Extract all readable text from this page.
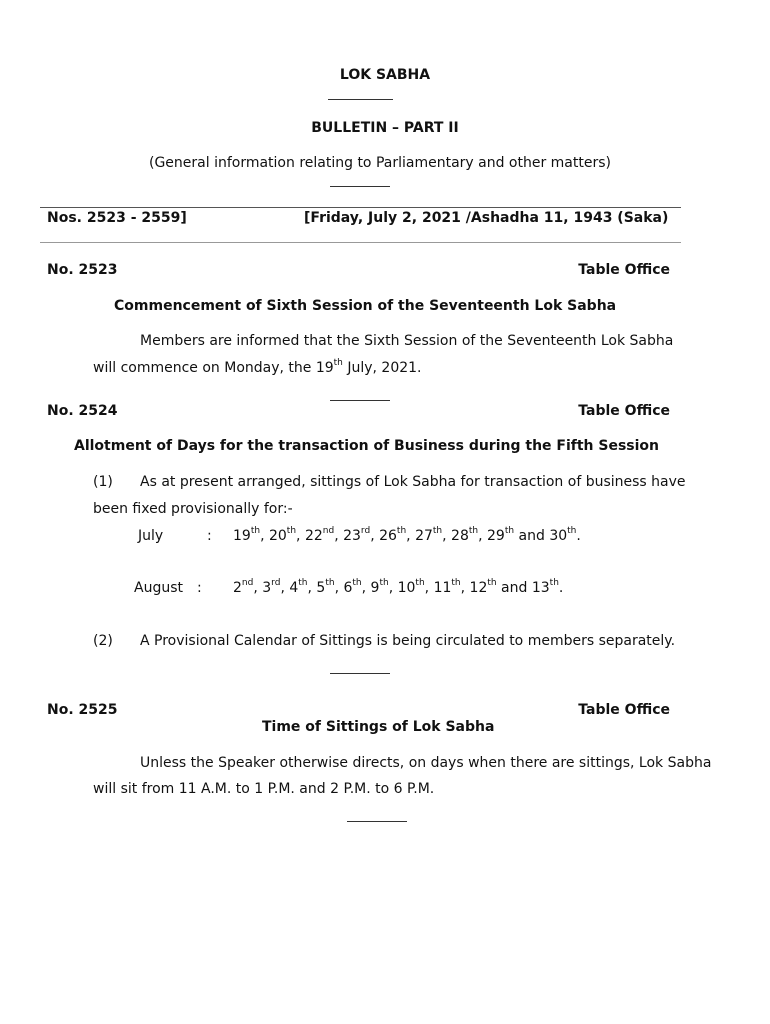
LOK SABHA
BULLETIN – PART II
(General information relating to Parliamentary and other matters)
Nos. 2523 - 2559]	[Friday, July 2, 2021 /Ashadha 11, 1943 (Saka)
No. 2523	Table Office
Commencement of Sixth Session of the Seventeenth Lok Sabha
Members are informed that the Sixth Session of the Seventeenth Lok Sabha
will commence on Monday, the 19th July, 2021.
No. 2524	Table Office
Allotment of Days for the transaction of Business during the Fifth Session
(1) As at present arranged, sittings of Lok Sabha for transaction of business have
been fixed provisionally for:-
July	: 19th, 20th, 22nd, 23rd, 26th, 27th, 28th, 29th and 30th.
August : 2nd, 3rd, 4th, 5th, 6th, 9th, 10th, 11th, 12th and 13th.
(2) A Provisional Calendar of Sittings is being circulated to members separately.
No. 2525	Table Office
Time of Sittings of Lok Sabha
Unless the Speaker otherwise directs, on days when there are sittings, Lok Sabha
will sit from 11 A.M. to 1 P.M. and 2 P.M. to 6 P.M.
